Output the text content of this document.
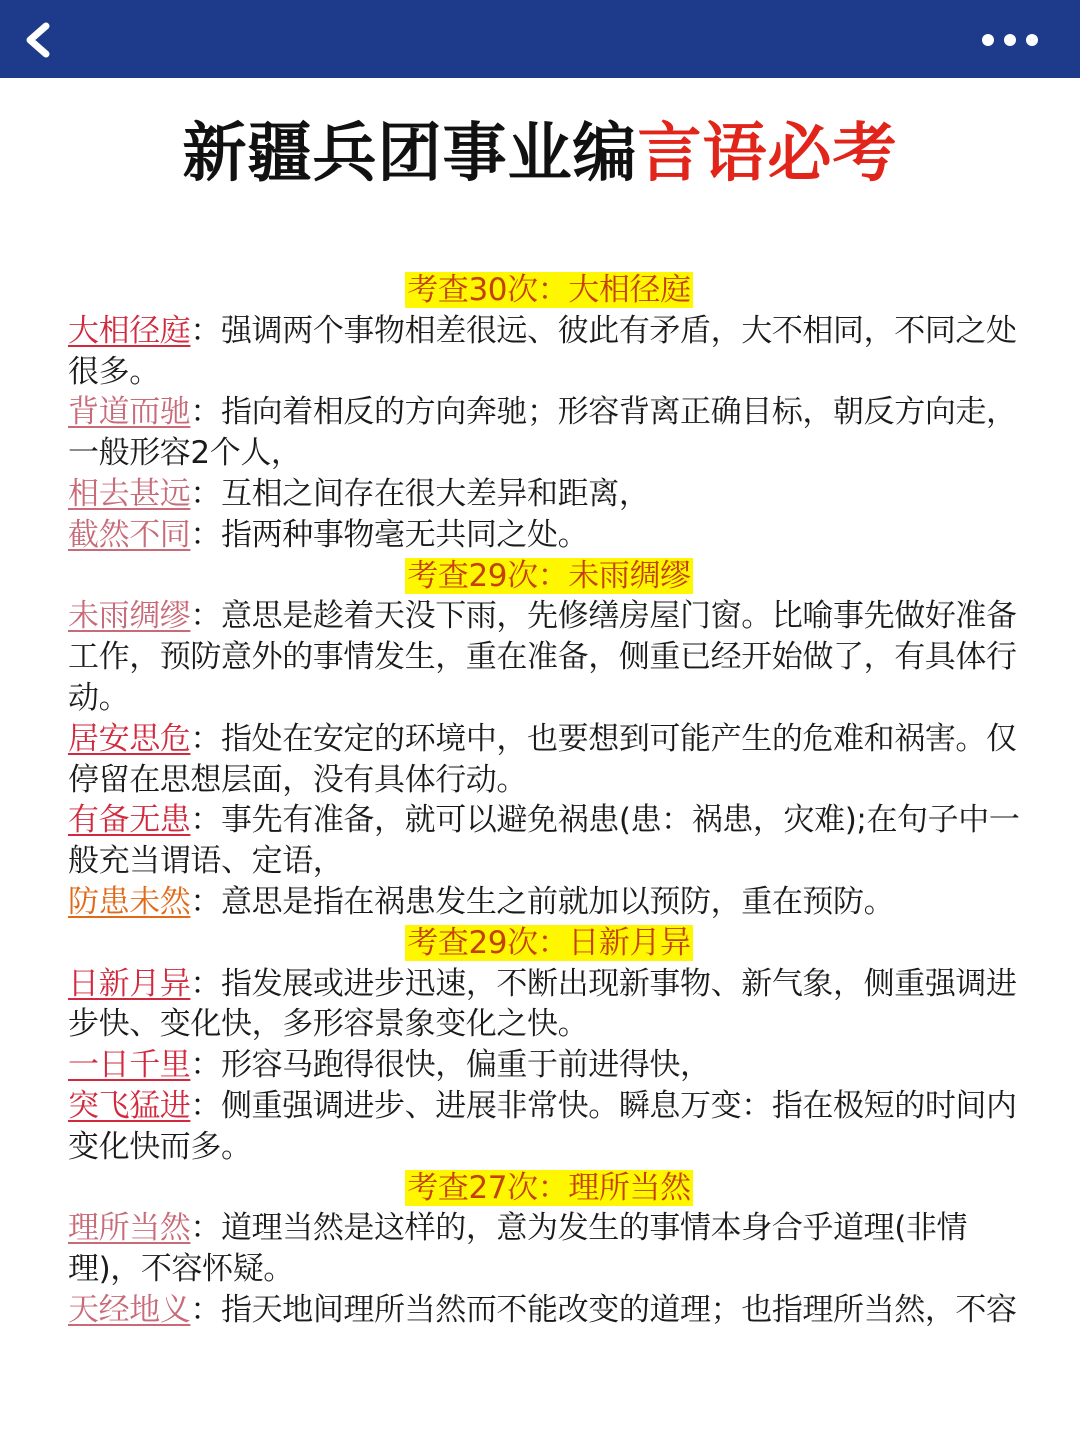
新疆兵团事业编言语必考
考查30次：大相径庭

大相径庭：强调两个事物相差很远、彼此有矛盾，大不相同，不同之处很多。

背道而驰：指向着相反的方向奔驰；形容背离正确目标，朝反方向走，一般形容2个人，

相去甚远：互相之间存在很大差异和距离，

截然不同：指两种事物毫无共同之处。

考查29次：未雨绸缪

未雨绸缪：意思是趁着天没下雨，先修缮房屋门窗。比喻事先做好准备工作，预防意外的事情发生，重在准备，侧重已经开始做了，有具体行动。

居安思危：指处在安定的环境中，也要想到可能产生的危难和祸害。仅停留在思想层面，没有具体行动。

有备无患：事先有准备，就可以避免祸患(患：祸患，灾难);在句子中一般充当谓语、定语，

防患未然：意思是指在祸患发生之前就加以预防，重在预防。

考查29次：日新月异

日新月异：指发展或进步迅速，不断出现新事物、新气象，侧重强调进步快、变化快，多形容景象变化之快。

一日千里：形容马跑得很快，偏重于前进得快，

突飞猛进：侧重强调进步、进展非常快。瞬息万变：指在极短的时间内变化快而多。

考查27次：理所当然

理所当然：道理当然是这样的，意为发生的事情本身合乎道理(非情理)，不容怀疑。

天经地义：指天地间理所当然而不能改变的道理；也指理所当然，不容
